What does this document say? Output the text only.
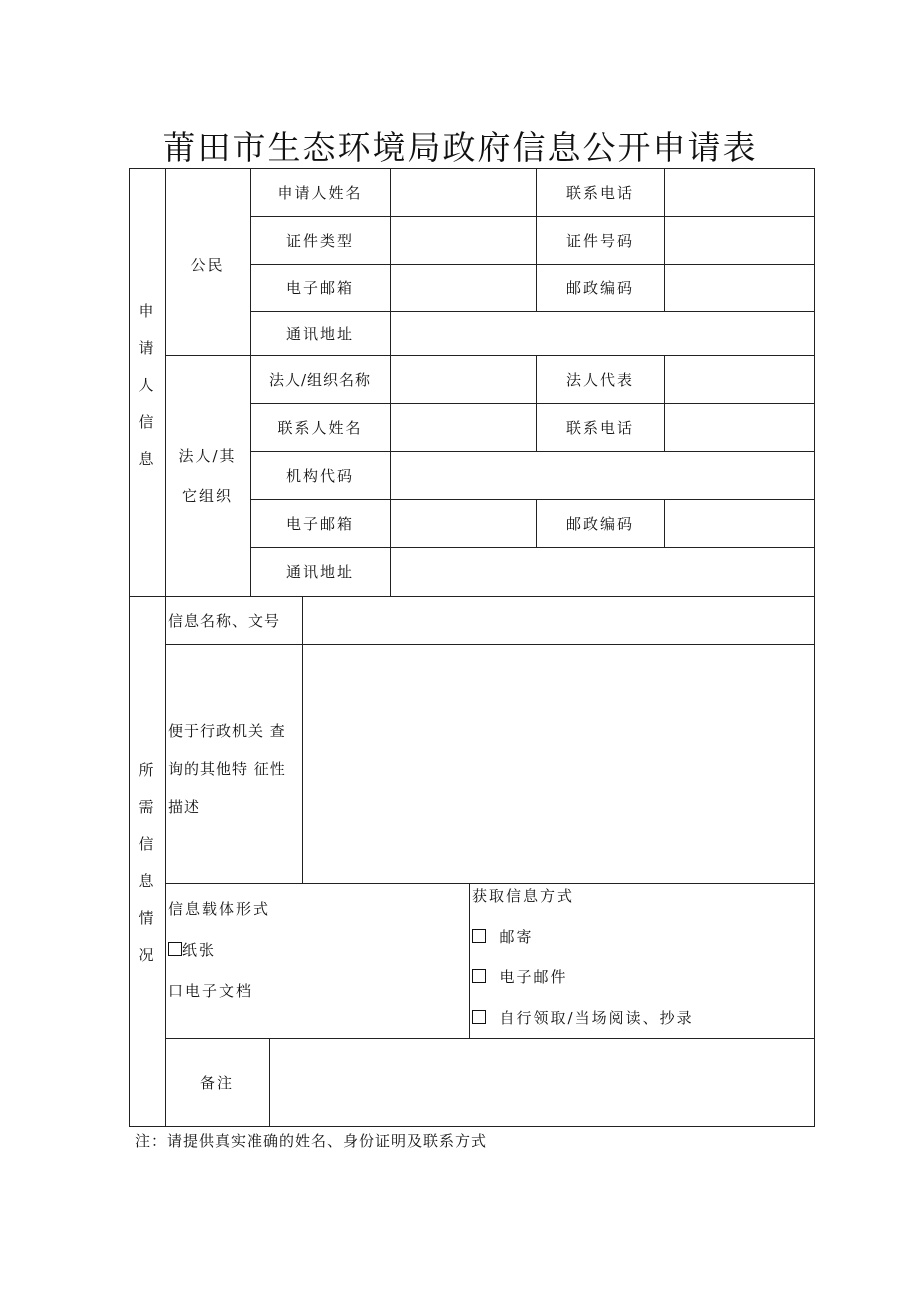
莆田市生态环境局政府信息公开申请表
申
请
人
信
息
公民
申请人姓名	联系电话
证件类型	证件号码
电子邮箱	邮政编码
通讯地址
法人/其
它组织
法人/组织名称	法人代表
联系人姓名	联系电话
机构代码
电子邮箱	邮政编码
通讯地址
所
需
信
息
情
况
信息名称、文号
便于行政机关 查
询的其他特 征性
描述
信息载体形式
纸张
口电子文档
获取信息方式
邮寄
电子邮件
自行领取/当场阅读、抄录
备注
注：请提供真实准确的姓名、身份证明及联系方式
